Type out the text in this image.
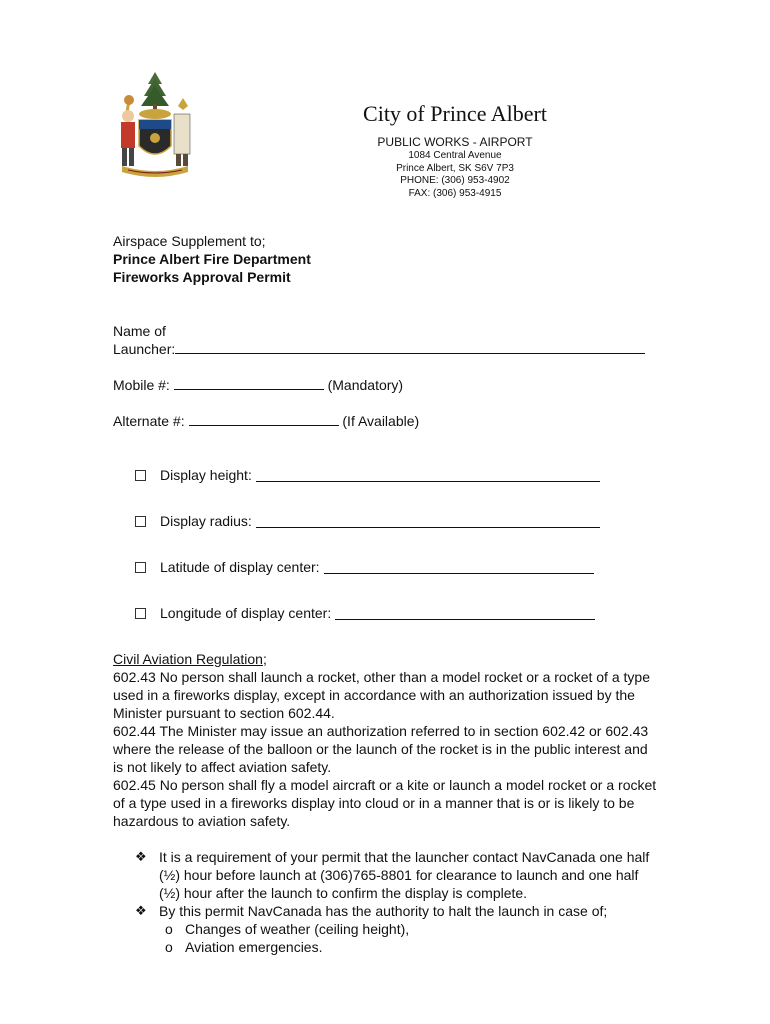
City of Prince Albert
PUBLIC WORKS - AIRPORT
1084 Central Avenue
Prince Albert, SK S6V 7P3
PHONE: (306) 953-4902
FAX: (306) 953-4915
Airspace Supplement to;
Prince Albert Fire Department
Fireworks Approval Permit
Name of
Launcher:
Mobile #:	(Mandatory)
Alternate #:	(If Available)
Display height:
Display radius:
Latitude of display center:
Longitude of display center:
Civil Aviation Regulation;
602.43 No person shall launch a rocket, other than a model rocket or a rocket of a type used in a fireworks display, except in accordance with an authorization issued by the Minister pursuant to section 602.44.
602.44 The Minister may issue an authorization referred to in section 602.42 or 602.43 where the release of the balloon or the launch of the rocket is in the public interest and is not likely to affect aviation safety.
602.45 No person shall fly a model aircraft or a kite or launch a model rocket or a rocket of a type used in a fireworks display into cloud or in a manner that is or is likely to be hazardous to aviation safety.
❖ It is a requirement of your permit that the launcher contact NavCanada one half (½) hour before launch at (306)765-8801 for clearance to launch and one half (½) hour after the launch to confirm the display is complete.
❖ By this permit NavCanada has the authority to halt the launch in case of;
o Changes of weather (ceiling height),
o Aviation emergencies.
